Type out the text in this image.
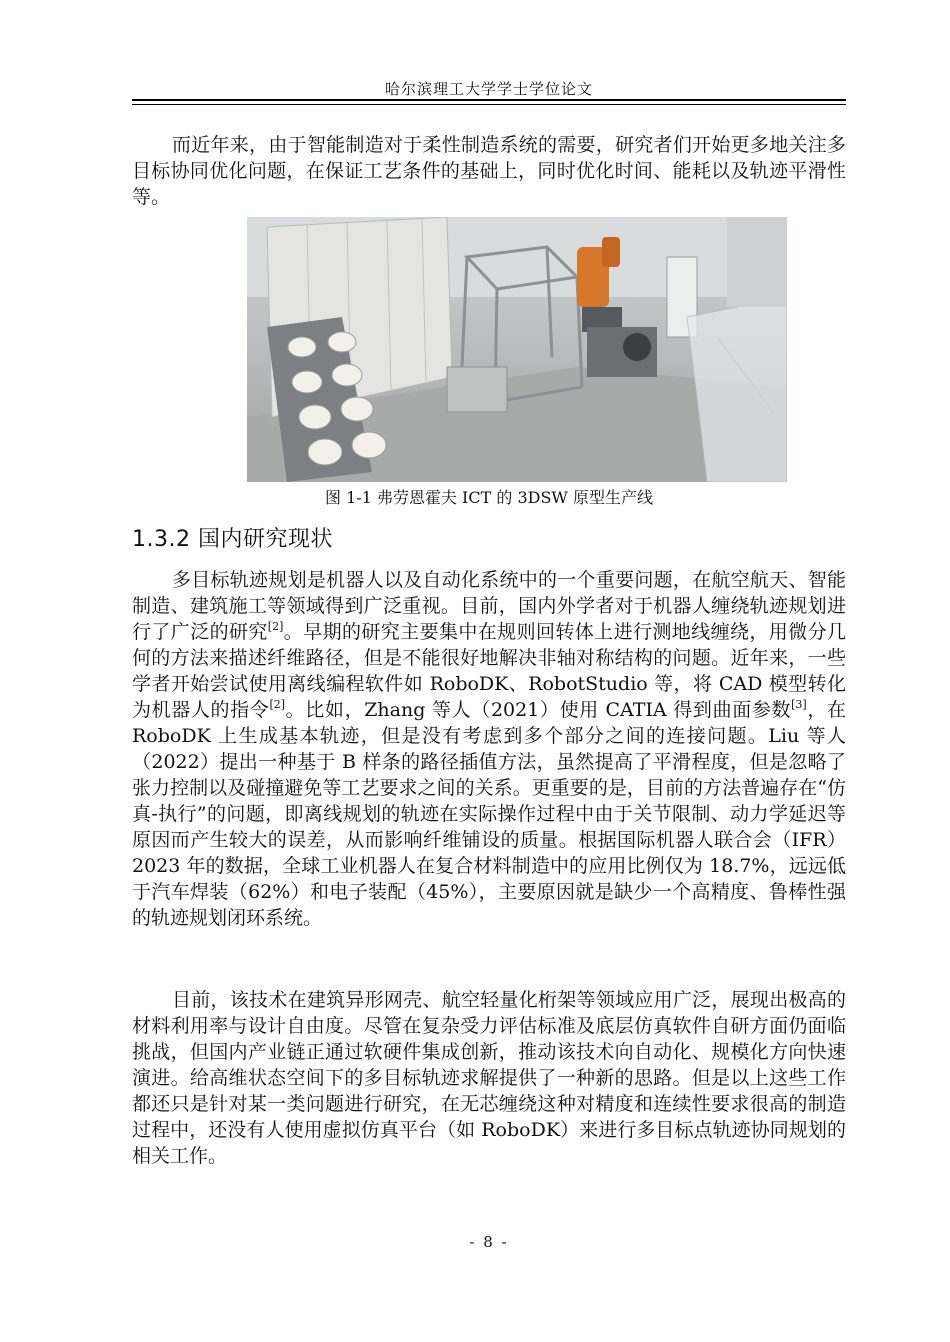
哈尔滨理工大学学士学位论文

而近年来，由于智能制造对于柔性制造系统的需要，研究者们开始更多地关注多目标协同优化问题，在保证工艺条件的基础上，同时优化时间、能耗以及轨迹平滑性等。

图 1-1 弗劳恩霍夫 ICT 的 3DSW 原型生产线
1.3.2 国内研究现状

多目标轨迹规划是机器人以及自动化系统中的一个重要问题，在航空航天、智能制造、建筑施工等领域得到广泛重视。目前，国内外学者对于机器人缠绕轨迹规划进行了广泛的研究[2]。早期的研究主要集中在规则回转体上进行测地线缠绕，用微分几何的方法来描述纤维路径，但是不能很好地解决非轴对称结构的问题。近年来，一些学者开始尝试使用离线编程软件如 RoboDK、RobotStudio 等，将 CAD 模型转化为机器人的指令[2]。比如，Zhang 等人（2021）使用 CATIA 得到曲面参数[3]，在 RoboDK 上生成基本轨迹，但是没有考虑到多个部分之间的连接问题。Liu 等人（2022）提出一种基于 B 样条的路径插值方法，虽然提高了平滑程度，但是忽略了张力控制以及碰撞避免等工艺要求之间的关系。更重要的是，目前的方法普遍存在“仿真-执行”的问题，即离线规划的轨迹在实际操作过程中由于关节限制、动力学延迟等原因而产生较大的误差，从而影响纤维铺设的质量。根据国际机器人联合会（IFR）2023 年的数据，全球工业机器人在复合材料制造中的应用比例仅为 18.7%，远远低于汽车焊装（62%）和电子装配（45%），主要原因就是缺少一个高精度、鲁棒性强的轨迹规划闭环系统。

目前，该技术在建筑异形网壳、航空轻量化桁架等领域应用广泛，展现出极高的材料利用率与设计自由度。尽管在复杂受力评估标准及底层仿真软件自研方面仍面临挑战，但国内产业链正通过软硬件集成创新，推动该技术向自动化、规模化方向快速演进。给高维状态空间下的多目标轨迹求解提供了一种新的思路。但是以上这些工作都还只是针对某一类问题进行研究，在无芯缠绕这种对精度和连续性要求很高的制造过程中，还没有人使用虚拟仿真平台（如 RoboDK）来进行多目标点轨迹协同规划的相关工作。

- 8 -
